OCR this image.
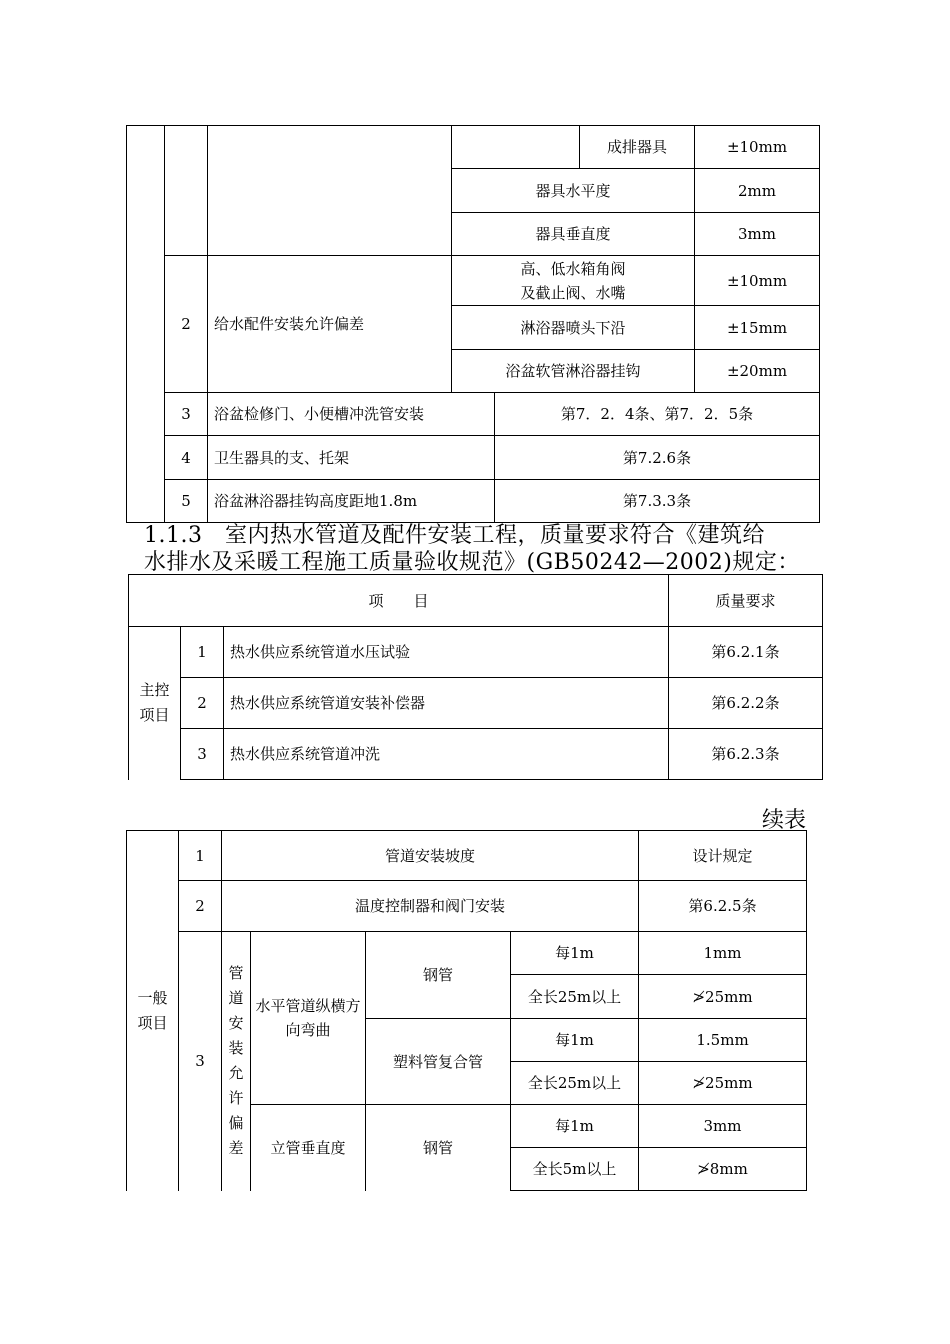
					成排器具	±10mm
			器具水平度			2mm
			器具垂直度			3mm
	2	给水配件安装允许偏差	高、低水箱角阀
及截止阀、水嘴			±10mm
			淋浴器喷头下沿			±15mm
			浴盆软管淋浴器挂钩			±20mm
	3	浴盆检修门、小便槽冲洗管安装		第7．2．4条、第7．2．5条		
	4	卫生器具的支、托架		第7.2.6条		
	5	浴盆淋浴器挂钩高度距地1.8m		第7.3.3条		
1.1.3　室内热水管道及配件安装工程，质量要求符合《建筑给
水排水及采暖工程施工质量验收规范》(GB50242—2002)规定：
项　　目			质量要求
主控项目	1	热水供应系统管道水压试验	第6.2.1条
	2	热水供应系统管道安装补偿器	第6.2.2条
	3	热水供应系统管道冲洗	第6.2.3条
续表
一般项目	1	管道安装坡度				设计规定
	2	温度控制器和阀门安装				第6.2.5条
	3	管道安装允许偏差	水平管道纵横方向弯曲	钢管	每1m	1mm
					全长25m以上	≯25mm
				塑料管复合管	每1m	1.5mm
					全长25m以上	≯25mm
			立管垂直度	钢管	每1m	3mm
					全长5m以上	≯8mm
